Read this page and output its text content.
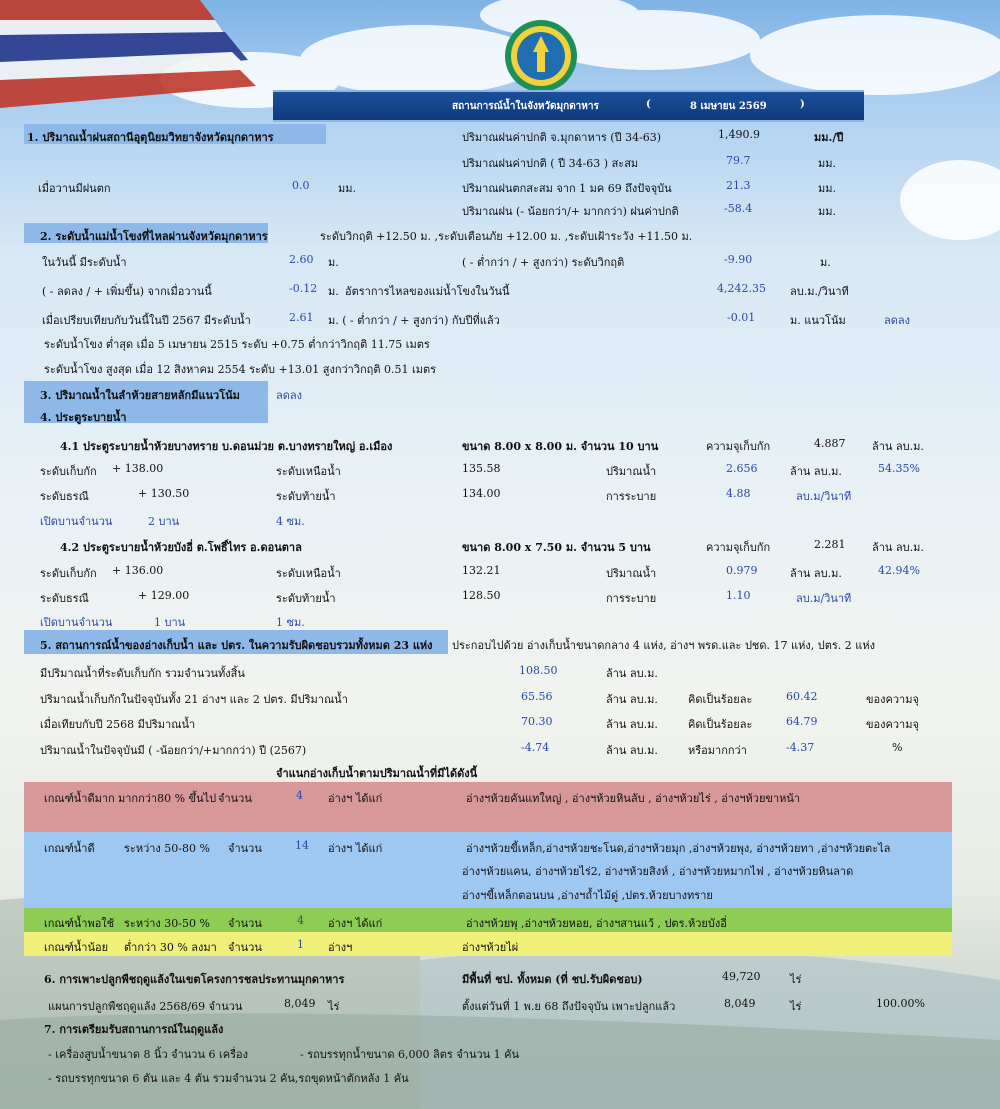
สถานการณ์น้ำในจังหวัดมุกดาหาร	(	8 เมษายน 2569	)
1. ปริมาณน้ำฝนสถานีอุตุนิยมวิทยาจังหวัดมุกดาหาร
เมื่อวานมีฝนตก	0.0	มม.
ปริมาณฝนค่าปกติ จ.มุกดาหาร (ปี 34-63)	1,490.9	มม./ปี
ปริมาณฝนค่าปกติ ( ปี 34-63 ) สะสม	79.7	มม.
ปริมาณฝนตกสะสม จาก 1 มค 69 ถึงปัจจุบัน	21.3	มม.
ปริมาณฝน (- น้อยกว่า/+ มากกว่า) ฝนค่าปกติ	-58.4	มม.
2. ระดับน้ำแม่น้ำโขงที่ไหลผ่านจังหวัดมุกดาหาร	ระดับวิกฤติ +12.50 ม. ,ระดับเตือนภัย +12.00 ม. ,ระดับเฝ้าระวัง +11.50 ม.
ในวันนี้ มีระดับน้ำ	2.60 ม.	( - ต่ำกว่า / + สูงกว่า) ระดับวิกฤติ	-9.90	ม.
( - ลดลง / + เพิ่มขึ้น) จากเมื่อวานนี้	-0.12 ม. อัตราการไหลของแม่น้ำโขงในวันนี้	4,242.35 ลบ.ม./วินาที
เมื่อเปรียบเทียบกับวันนี้ในปี 2567 มีระดับน้ำ	2.61 ม. ( - ต่ำกว่า / + สูงกว่า) กับปีที่แล้ว	-0.01	ม. แนวโน้ม	ลดลง
ระดับน้ำโขง ต่ำสุด เมื่อ 5 เมษายน 2515 ระดับ +0.75 ต่ำกว่าวิกฤติ 11.75 เมตร
ระดับน้ำโขง สูงสุด เมื่อ 12 สิงหาคม 2554 ระดับ +13.01 สูงกว่าวิกฤติ 0.51 เมตร
3. ปริมาณน้ำในลำห้วยสายหลักมีแนวโน้ม	ลดลง
4. ประตูระบายน้ำ
4.1 ประตูระบายน้ำห้วยบางทราย บ.ดอนม่วย ต.บางทรายใหญ่ อ.เมือง	ขนาด 8.00 x 8.00 ม. จำนวน 10 บาน	ความจุเก็บกัก	4.887 ล้าน ลบ.ม.
ระดับเก็บกัก + 138.00	ระดับเหนือน้ำ	135.58	ปริมาณน้ำ	2.656	ล้าน ลบ.ม.	54.35%
ระดับธรณี	+ 130.50	ระดับท้ายน้ำ	134.00	การระบาย	4.88	ลบ.ม/วินาที
เปิดบานจำนวน	2 บาน	4 ซม.
4.2 ประตูระบายน้ำห้วยบังอี่ ต.โพธิ์ไทร อ.ดอนตาล	ขนาด 8.00 x 7.50 ม. จำนวน 5 บาน	ความจุเก็บกัก	2.281 ล้าน ลบ.ม.
ระดับเก็บกัก + 136.00	ระดับเหนือน้ำ	132.21	ปริมาณน้ำ	0.979	ล้าน ลบ.ม.	42.94%
ระดับธรณี	+ 129.00	ระดับท้ายน้ำ	128.50	การระบาย	1.10	ลบ.ม/วินาที
เปิดบานจำนวน	1 บาน	1 ซม.
5. สถานการณ์น้ำของอ่างเก็บน้ำ และ ปตร. ในความรับผิดชอบรวมทั้งหมด 23 แห่ง ประกอบไปด้วย อ่างเก็บน้ำขนาดกลาง 4 แห่ง, อ่างฯ พรด.และ ปชด. 17 แห่ง, ปตร. 2 แห่ง
มีปริมาณน้ำที่ระดับเก็บกัก รวมจำนวนทั้งสิ้น	108.50	ล้าน ลบ.ม.
ปริมาณน้ำเก็บกักในปัจจุบันทั้ง 21 อ่างฯ และ 2 ปตร. มีปริมาณน้ำ	65.56	ล้าน ลบ.ม.	คิดเป็นร้อยละ	60.42	ของความจุ
เมื่อเทียบกับปี 2568 มีปริมาณน้ำ	70.30	ล้าน ลบ.ม.	คิดเป็นร้อยละ	64.79	ของความจุ
ปริมาณน้ำในปัจจุบันมี ( -น้อยกว่า/+มากกว่า) ปี (2567)	-4.74	ล้าน ลบ.ม.	หรือมากกว่า	-4.37	%
จำแนกอ่างเก็บน้ำตามปริมาณน้ำที่มีได้ดังนี้
เกณฑ์น้ำดีมาก มากกว่า80 % ขึ้นไป จำนวน	4 อ่างฯ ได้แก่	อ่างฯห้วยคันแทใหญ่ , อ่างฯห้วยหินลับ , อ่างฯห้วยไร่ , อ่างฯห้วยขาหน้า
เกณฑ์น้ำดี	ระหว่าง 50-80 % จำนวน	14 อ่างฯ ได้แก่	อ่างฯห้วยขี้เหล็ก,อ่างฯห้วยชะโนด,อ่างฯห้วยมุก ,อ่างฯห้วยพุง, อ่างฯห้วยทา ,อ่างฯห้วยตะไล
อ่างฯห้วยแคน, อ่างฯห้วยไร่2, อ่างฯห้วยสิงห์ , อ่างฯห้วยหมากไฟ , อ่างฯห้วยหินลาด
อ่างฯขี้เหล็กตอนบน ,อ่างฯถ้ำไม้ดู่ ,ปตร.ห้วยบางทราย
เกณฑ์น้ำพอใช้ ระหว่าง 30-50 % จำนวน	4 อ่างฯ ได้แก่	อ่างฯห้วยพุ ,อ่างฯห้วยหอย, อ่างฯสานแว้ , ปตร.ห้วยบังอี่
เกณฑ์น้ำน้อย ต่ำกว่า 30 % ลงมา จำนวน	1 อ่างฯ	อ่างฯห้วยไผ่
6. การเพาะปลูกพืชฤดูแล้งในเขตโครงการชลประทานมุกดาหาร	มีพื้นที่ ชป. ทั้งหมด (ที่ ชป.รับผิดชอบ)	49,720	ไร่
แผนการปลูกพืชฤดูแล้ง 2568/69 จำนวน	8,049 ไร่	ตั้งแต่วันที่ 1 พ.ย 68 ถึงปัจจุบัน เพาะปลูกแล้ว	8,049	ไร่	100.00%
7. การเตรียมรับสถานการณ์ในฤดูแล้ง
- เครื่องสูบน้ำขนาด 8 นิ้ว จำนวน 6 เครื่อง	- รถบรรทุกน้ำขนาด 6,000 ลิตร จำนวน 1 คัน
- รถบรรทุกขนาด 6 ตัน และ 4 ตัน รวมจำนวน 2 คัน,รถขุดหน้าตักหลัง 1 คัน
